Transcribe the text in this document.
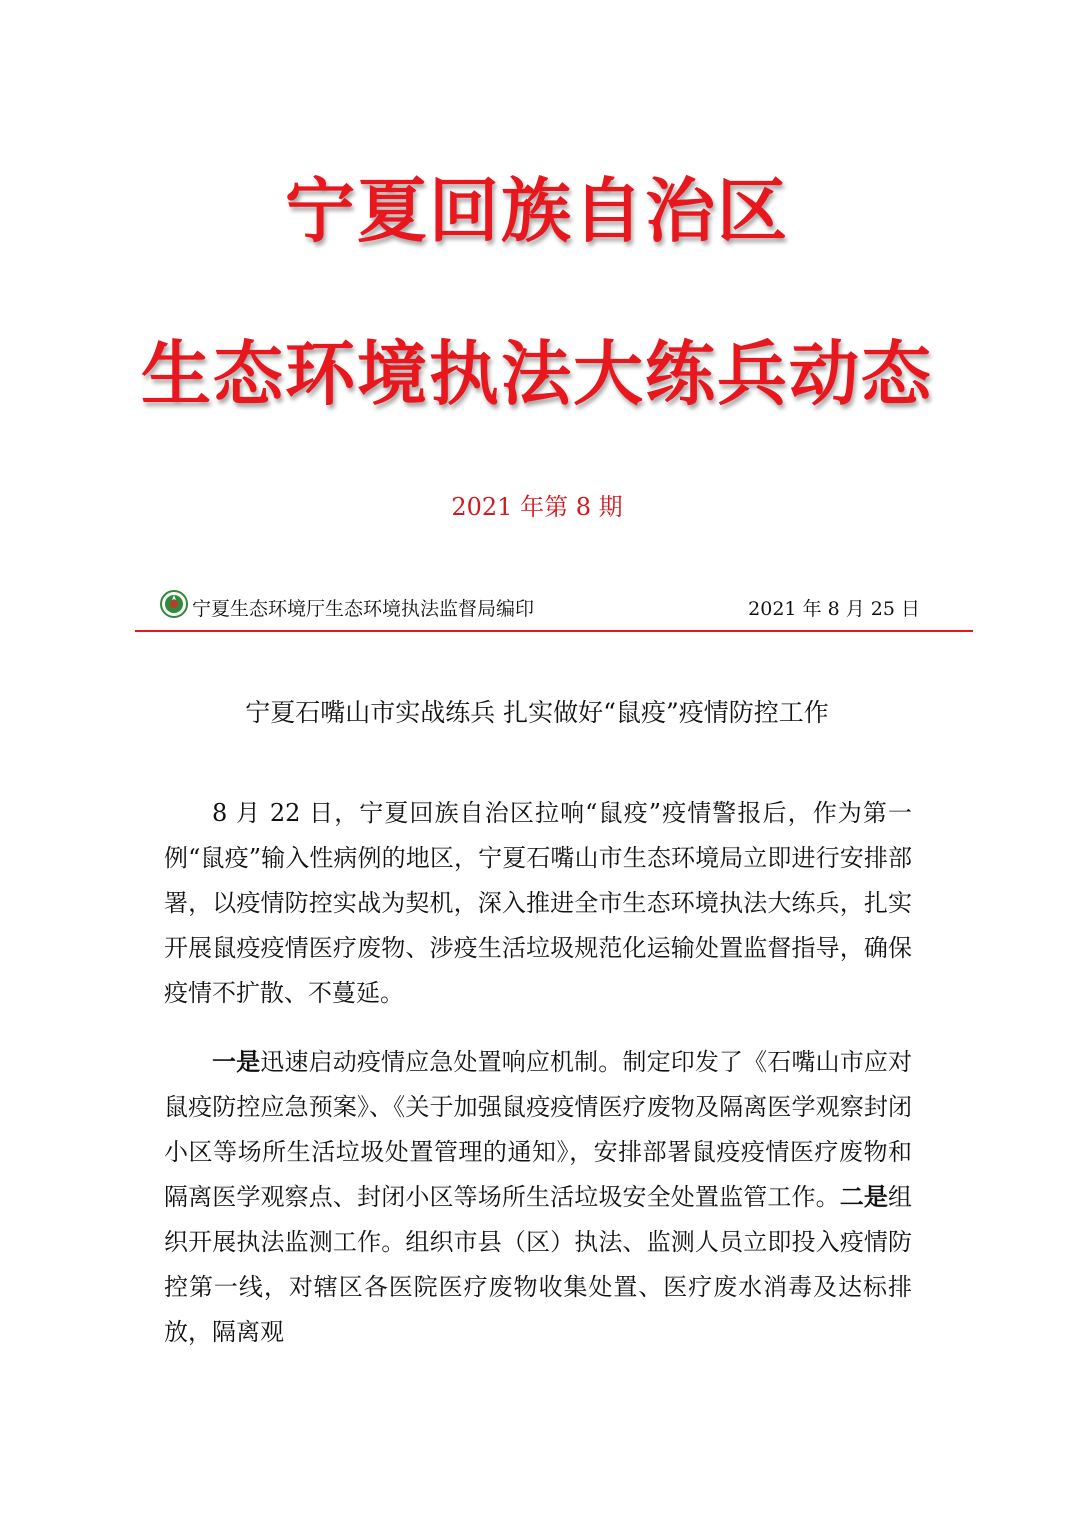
宁夏回族自治区
生态环境执法大练兵动态
2021 年第 8 期
宁夏生态环境厅生态环境执法监督局编印	2021 年 8 月 25 日
宁夏石嘴山市实战练兵 扎实做好“鼠疫”疫情防控工作
8 月 22 日，宁夏回族自治区拉响“鼠疫”疫情警报后，作为第一例“鼠疫”输入性病例的地区，宁夏石嘴山市生态环境局立即进行安排部署，以疫情防控实战为契机，深入推进全市生态环境执法大练兵，扎实开展鼠疫疫情医疗废物、涉疫生活垃圾规范化运输处置监督指导，确保疫情不扩散、不蔓延。
一是迅速启动疫情应急处置响应机制。制定印发了《石嘴山市应对鼠疫防控应急预案》、《关于加强鼠疫疫情医疗废物及隔离医学观察封闭小区等场所生活垃圾处置管理的通知》，安排部署鼠疫疫情医疗废物和隔离医学观察点、封闭小区等场所生活垃圾安全处置监管工作。二是组织开展执法监测工作。组织市县（区）执法、监测人员立即投入疫情防控第一线，对辖区各医院医疗废物收集处置、医疗废水消毒及达标排放，隔离观
